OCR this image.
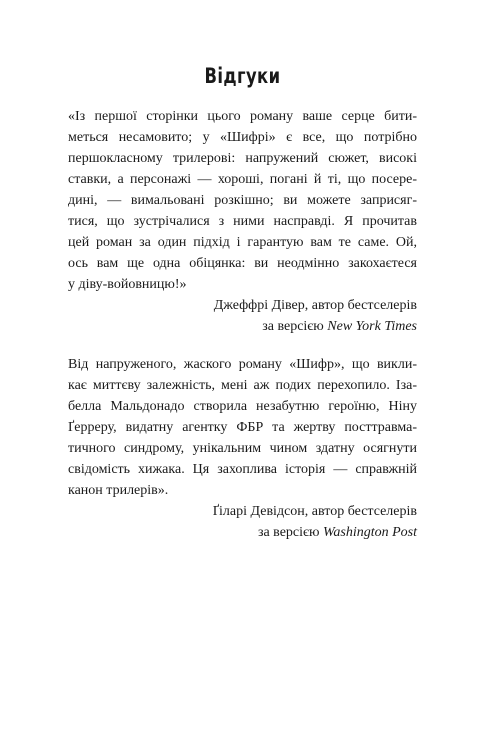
Відгуки

«Із першої сторінки цього роману ваше серце бити-
меться несамовито; у «Шифрі» є все, що потрібно
першокласному трилерові: напружений сюжет, високі
ставки, а персонажі — хороші, погані й ті, що посере-
дині, — вимальовані розкішно; ви можете заприсяг-
тися, що зустрічалися з ними насправді. Я прочитав
цей роман за один підхід і гарантую вам те саме. Ой,
ось вам ще одна обіцянка: ви неодмінно закохаєтеся
у діву-войовницю!»

Джеффрі Дівер, автор бестселерів
за версією New York Times

Від напруженого, жаского роману «Шифр», що викли-
кає миттєву залежність, мені аж подих перехопило. Іза-
белла Мальдонадо створила незабутню героїню, Ніну
Ґерреру, видатну агентку ФБР та жертву посттравма-
тичного синдрому, унікальним чином здатну осягнути
свідомість хижака. Ця захоплива історія — справжній
канон трилерів».

Ґіларі Девідсон, автор бестселерів
за версією Washington Post
